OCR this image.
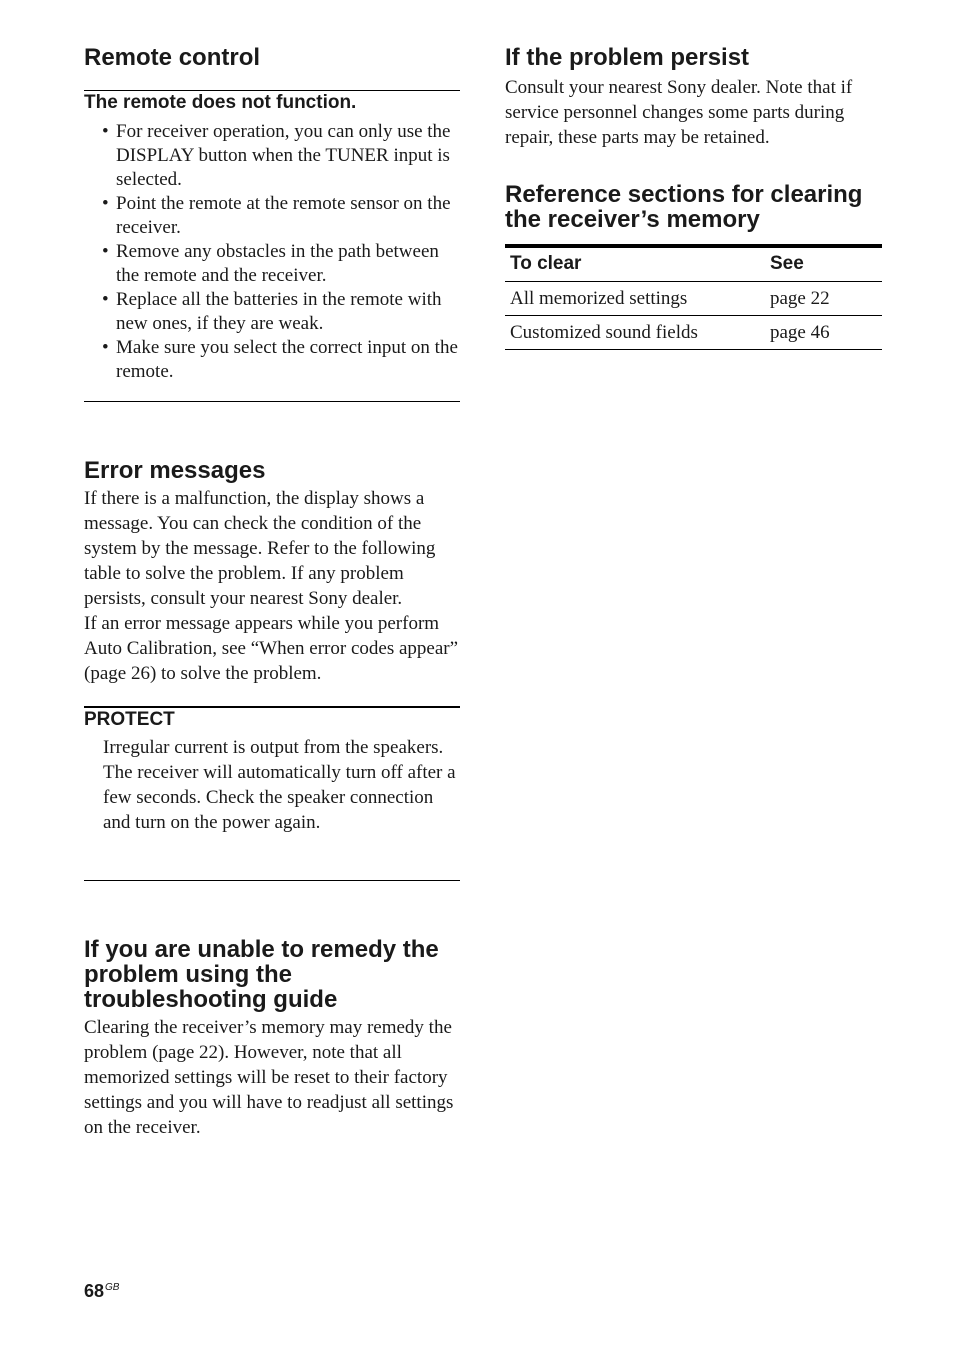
Remote control
The remote does not function.
• For receiver operation, you can only use the DISPLAY button when the TUNER input is selected.
• Point the remote at the remote sensor on the receiver.
• Remove any obstacles in the path between the remote and the receiver.
• Replace all the batteries in the remote with new ones, if they are weak.
• Make sure you select the correct input on the remote.
Error messages

If there is a malfunction, the display shows a message. You can check the condition of the system by the message. Refer to the following table to solve the problem. If any problem persists, consult your nearest Sony dealer.

If an error message appears while you perform Auto Calibration, see “When error codes appear” (page 26) to solve the problem.

PROTECT

Irregular current is output from the speakers. The receiver will automatically turn off after a few seconds. Check the speaker connection and turn on the power again.

If you are unable to remedy the problem using the troubleshooting guide

Clearing the receiver’s memory may remedy the problem (page 22). However, note that all memorized settings will be reset to their factory settings and you will have to readjust all settings on the receiver.

If the problem persist

Consult your nearest Sony dealer. Note that if service personnel changes some parts during repair, these parts may be retained.

Reference sections for clearing the receiver’s memory
To clear	See
All memorized settings	page 22
Customized sound fields	page 46
$68^{GB}$
